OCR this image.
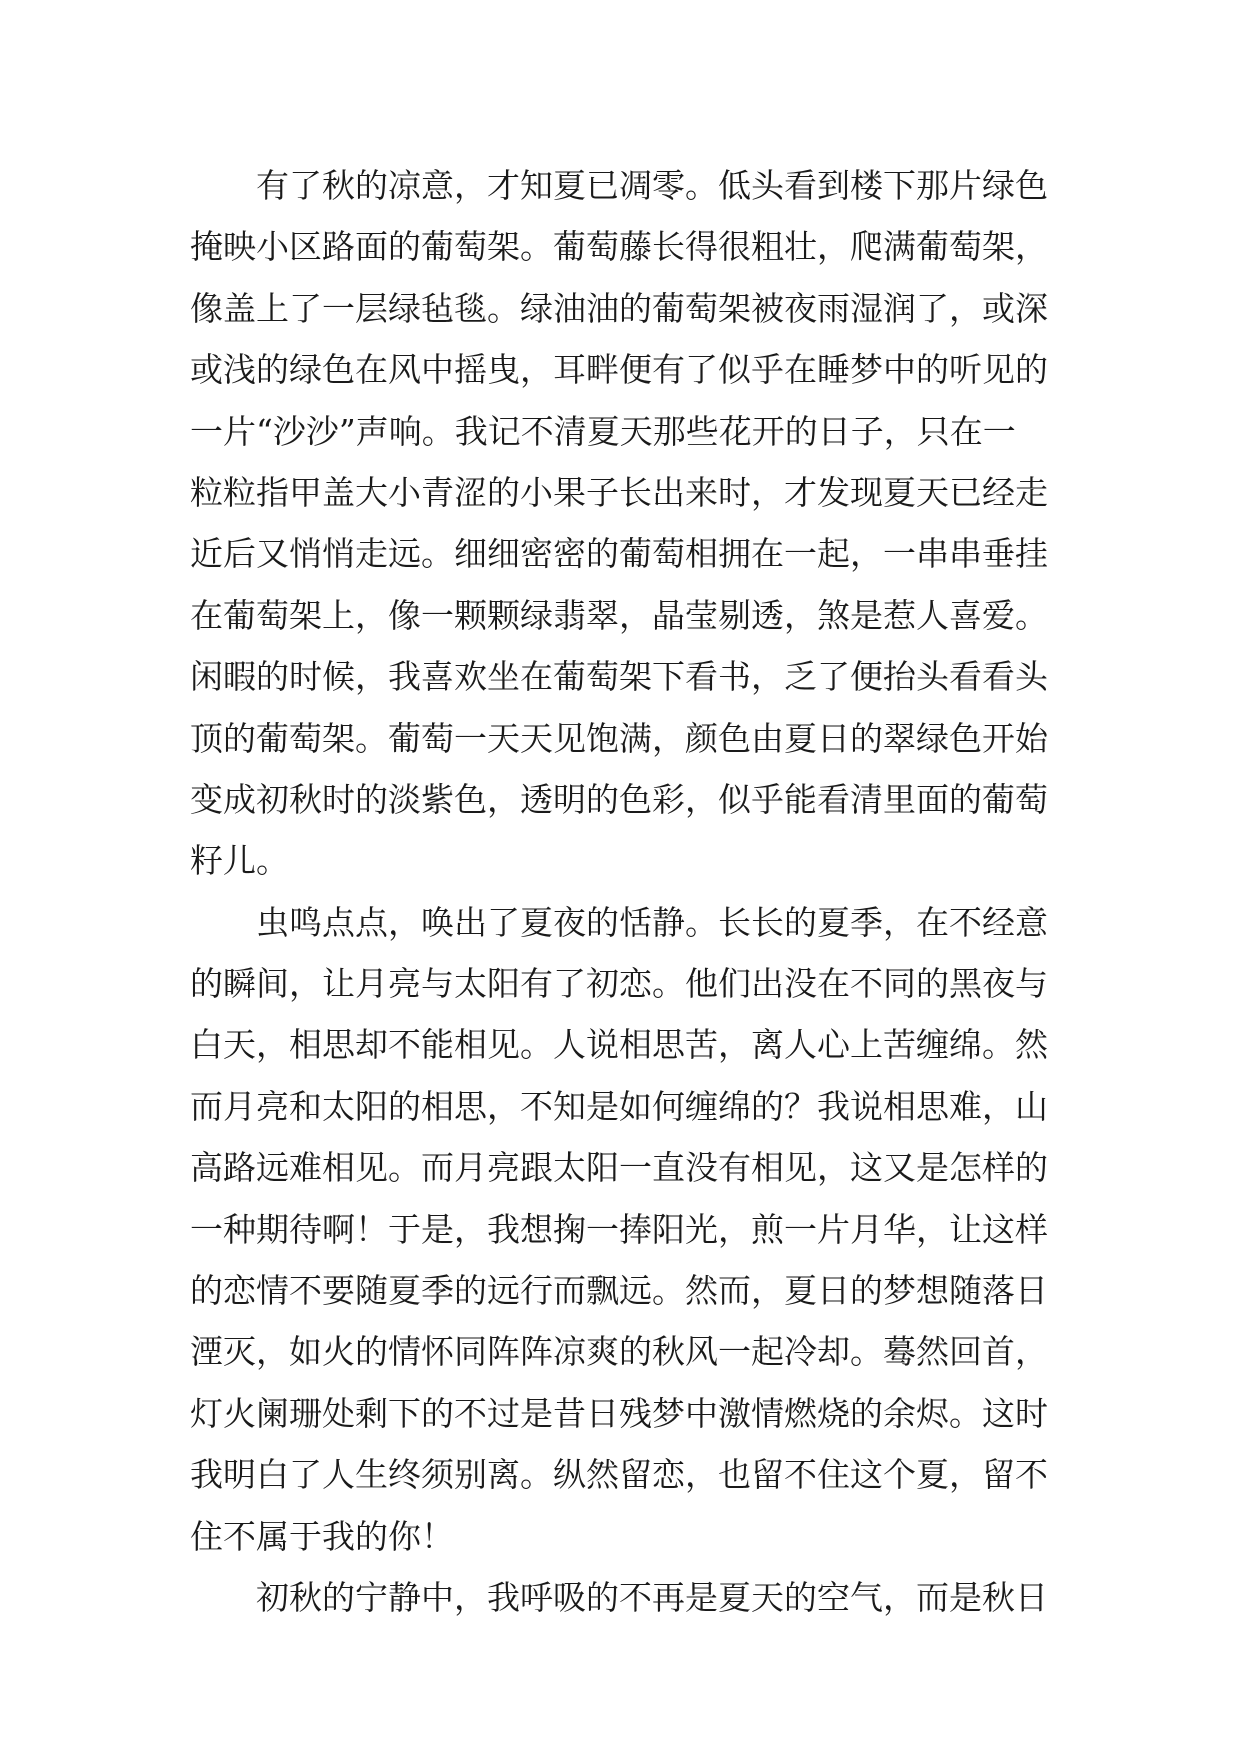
有了秋的凉意，才知夏已凋零。低头看到楼下那片绿色
掩映小区路面的葡萄架。葡萄藤长得很粗壮，爬满葡萄架，
像盖上了一层绿毡毯。绿油油的葡萄架被夜雨湿润了，或深
或浅的绿色在风中摇曳，耳畔便有了似乎在睡梦中的听见的
一片“沙沙”声响。我记不清夏天那些花开的日子，只在一
粒粒指甲盖大小青涩的小果子长出来时，才发现夏天已经走
近后又悄悄走远。细细密密的葡萄相拥在一起，一串串垂挂
在葡萄架上，像一颗颗绿翡翠，晶莹剔透，煞是惹人喜爱。
闲暇的时候，我喜欢坐在葡萄架下看书，乏了便抬头看看头
顶的葡萄架。葡萄一天天见饱满，颜色由夏日的翠绿色开始
变成初秋时的淡紫色，透明的色彩，似乎能看清里面的葡萄
籽儿。
虫鸣点点，唤出了夏夜的恬静。长长的夏季，在不经意
的瞬间，让月亮与太阳有了初恋。他们出没在不同的黑夜与
白天，相思却不能相见。人说相思苦，离人心上苦缠绵。然
而月亮和太阳的相思，不知是如何缠绵的？我说相思难，山
高路远难相见。而月亮跟太阳一直没有相见，这又是怎样的
一种期待啊！于是，我想掬一捧阳光，煎一片月华，让这样
的恋情不要随夏季的远行而飘远。然而，夏日的梦想随落日
湮灭，如火的情怀同阵阵凉爽的秋风一起冷却。蓦然回首，
灯火阑珊处剩下的不过是昔日残梦中激情燃烧的余烬。这时
我明白了人生终须别离。纵然留恋，也留不住这个夏，留不
住不属于我的你！
初秋的宁静中，我呼吸的不再是夏天的空气，而是秋日
